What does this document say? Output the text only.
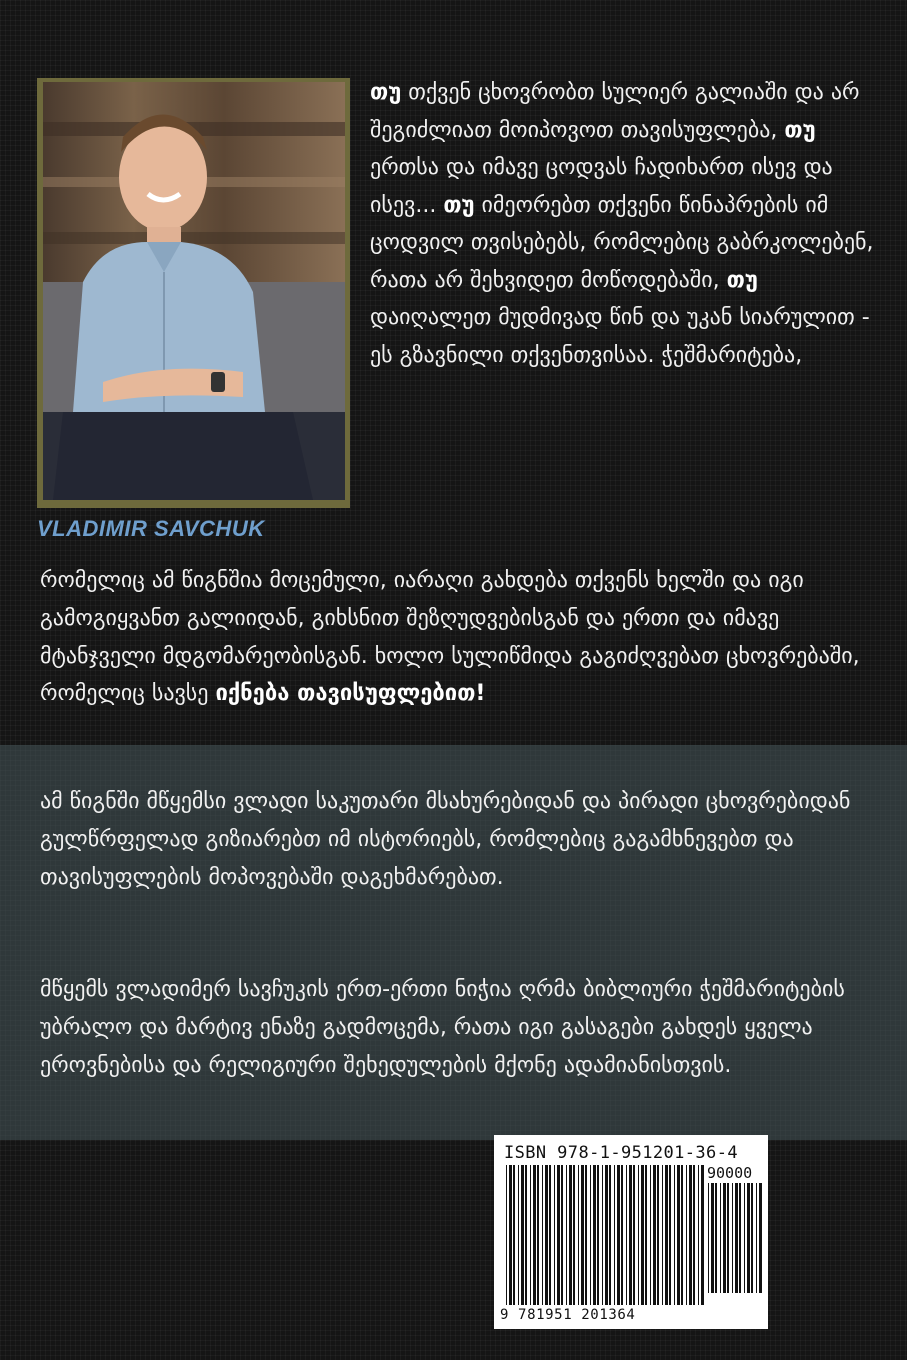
VLADIMIR SAVCHUK

თუ თქვენ ცხოვრობთ სულიერ გალიაში და არ შეგიძლიათ მოიპოვოთ თავისუფლება, თუ ერთსა და იმავე ცოდვას ჩადიხართ ისევ და ისევ... თუ იმეორებთ თქვენი წინაპრების იმ ცოდვილ თვისებებს, რომლებიც გაბრკოლებენ, რათა არ შეხვიდეთ მოწოდებაში, თუ დაიღალეთ მუდმივად წინ და უკან სიარულით - ეს გზავნილი თქვენთვისაა. ჭეშმარიტება,

რომელიც ამ წიგნშია მოცემული, იარაღი გახდება თქვენს ხელში და იგი გამოგიყვანთ გალიიდან, გიხსნით შეზღუდვებისგან და ერთი და იმავე მტანჯველი მდგომარეობისგან. ხოლო სულიწმიდა გაგიძღვებათ ცხოვრებაში, რომელიც სავსე იქნება თავისუფლებით!

ამ წიგნში მწყემსი ვლადი საკუთარი მსახურებიდან და პირადი ცხოვრებიდან გულწრფელად გიზიარებთ იმ ისტორიებს, რომლებიც გაგამხნევებთ და თავისუფლების მოპოვებაში დაგეხმარებათ.

მწყემს ვლადიმერ სავჩუკის ერთ-ერთი ნიჭია ღრმა ბიბლიური ჭეშმარიტების უბრალო და მარტივ ენაზე გადმოცემა, რათა იგი გასაგები გახდეს ყველა ეროვნებისა და რელიგიური შეხედულების მქონე ადამიანისთვის.

ISBN 978-1-951201-36-4
90000
9 781951 201364
